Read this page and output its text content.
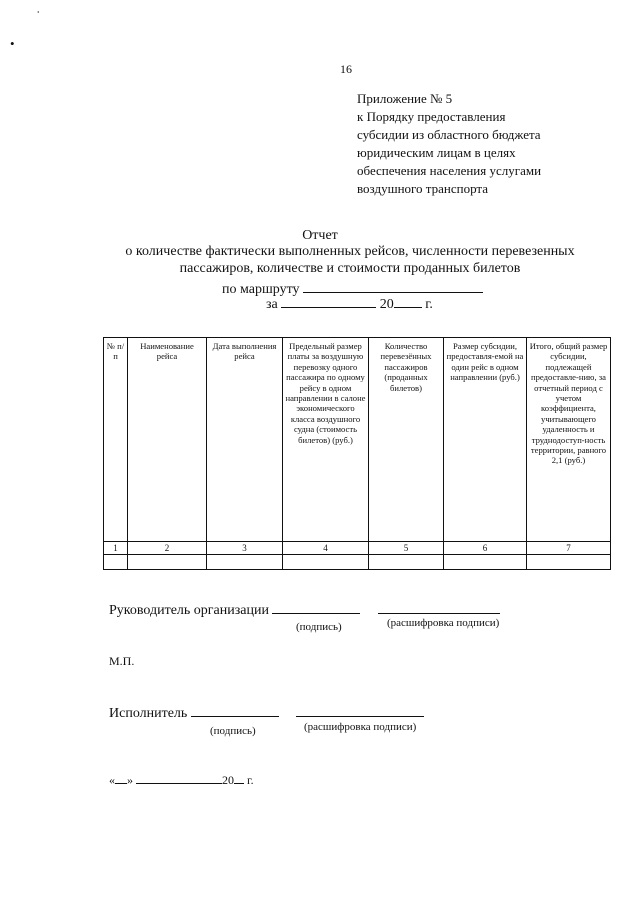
ˈ
•
16
Приложение № 5
к Порядку предоставления
субсидии из областного бюджета
юридическим лицам в целях
обеспечения населения услугами
воздушного транспорта
Отчет
о количестве фактически выполненных рейсов, численности перевезенных
пассажиров, количестве и стоимости проданных билетов
по маршруту
за	20 г.
№ п/п	Наименование рейса	Дата выполнения рейса	Предельный размер платы за воздушную перевозку одного пассажира по одному рейсу в одном направлении в салоне экономического класса воздушного судна (стоимость билетов) (руб.)	Количество перевезённых пассажиров (проданных билетов)	Размер субсидии, предоставля-емой на один рейс в одном направлении (руб.)	Итого, общий размер субсидии, подлежащей предоставле-нию, за отчетный период с учетом коэффициента, учитывающего удаленность и труднодоступ-ность территории, равного 2,1 (руб.)
1	2	3	4	5	6	7

Руководитель организации
(подпись)	(расшифровка подписи)
М.П.
Исполнитель
(подпись)	(расшифровка подписи)
« »	20 г.
